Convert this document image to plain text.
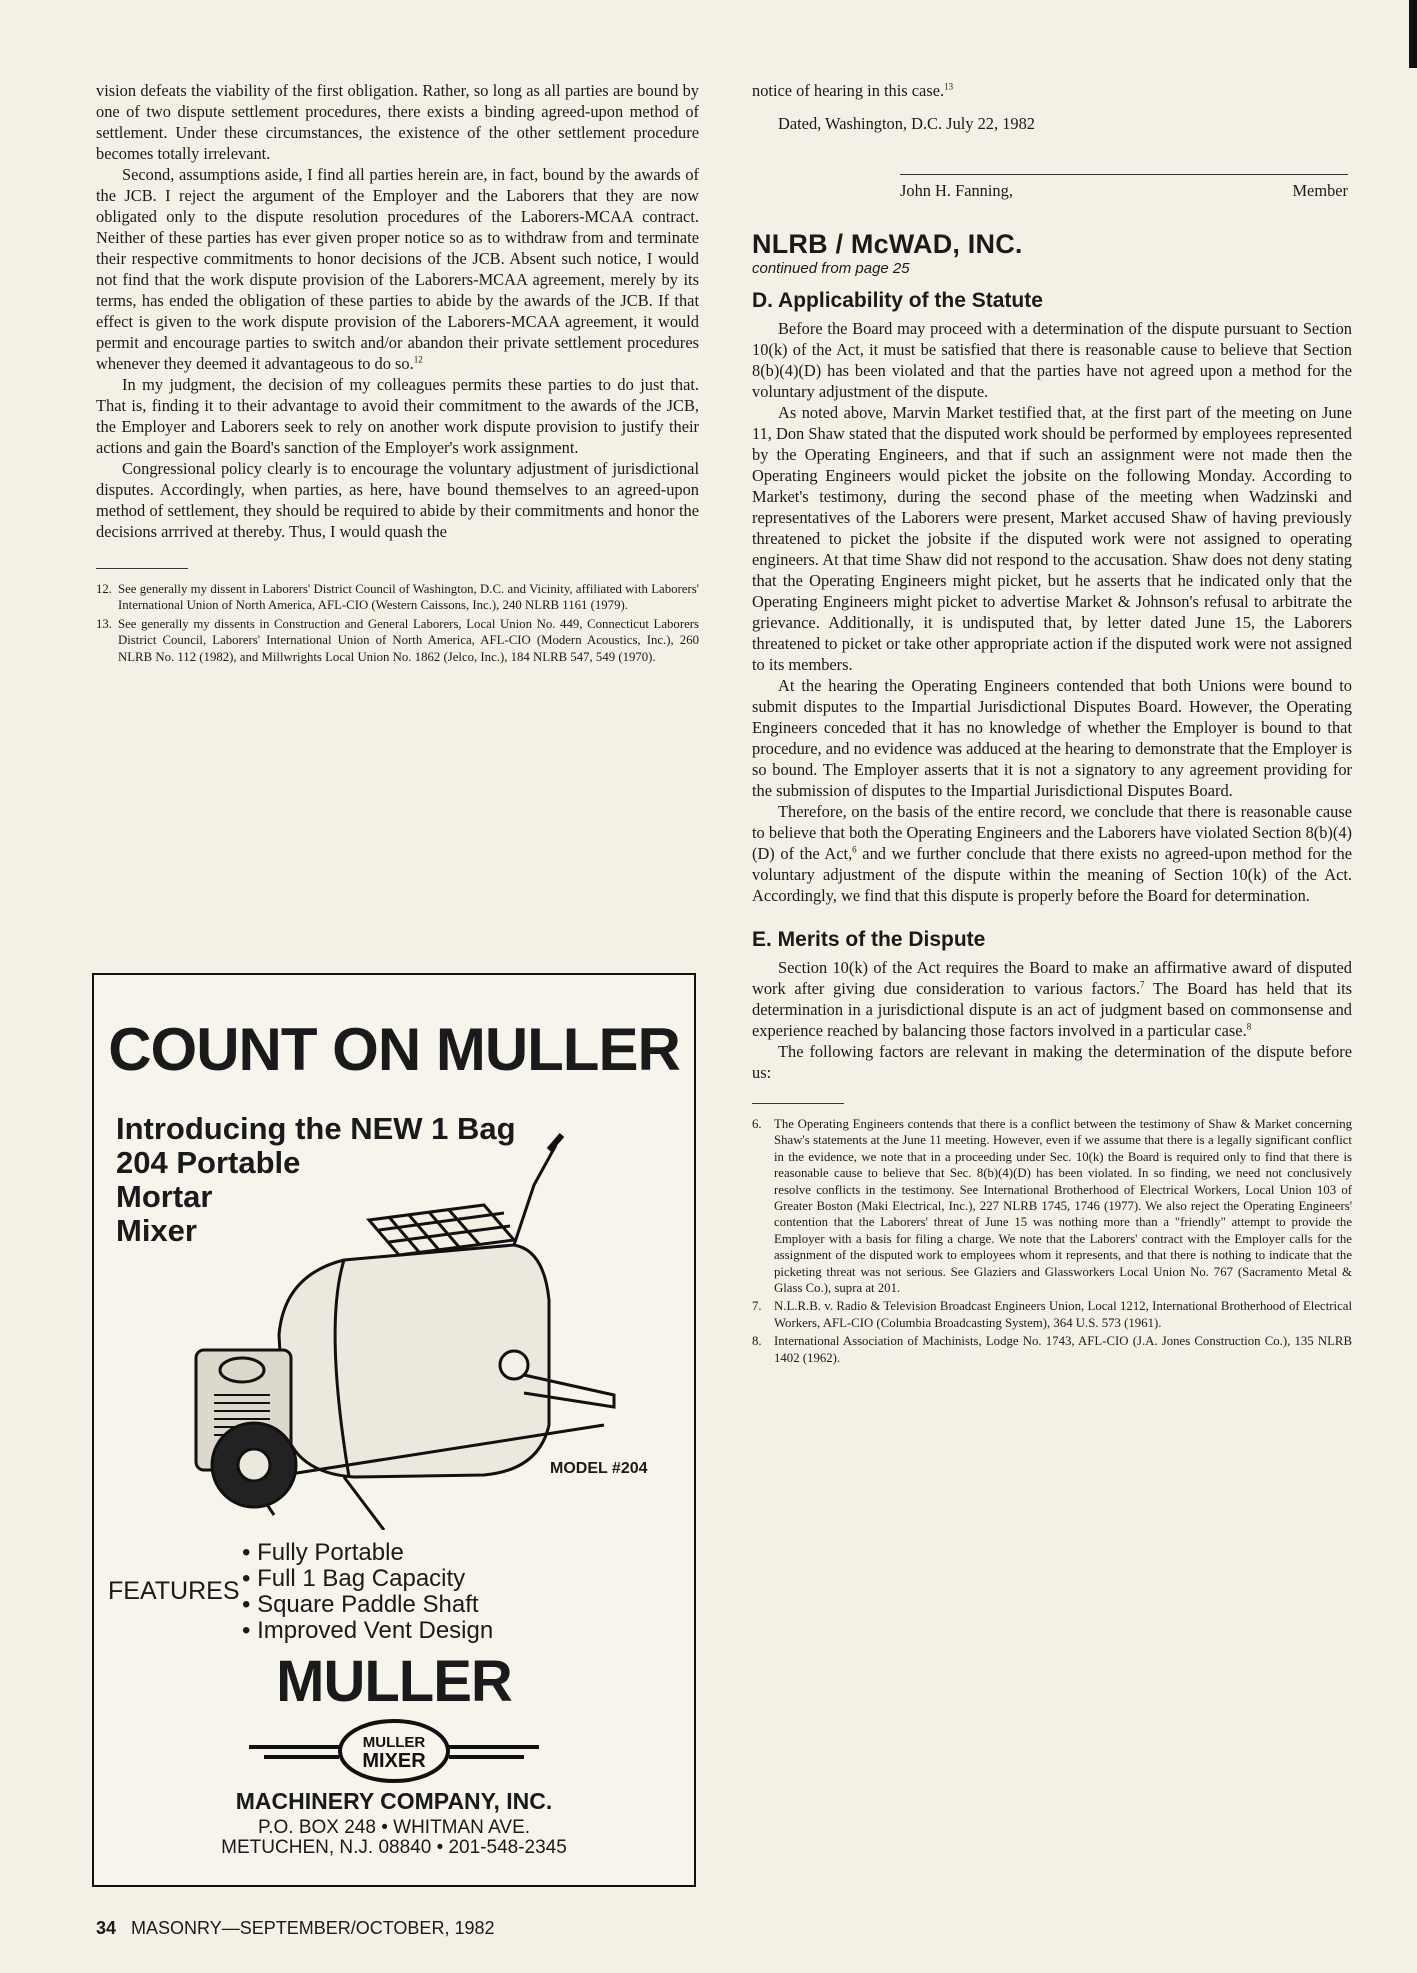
vision defeats the viability of the first obligation. Rather, so long as all parties are bound by one of two dispute settlement procedures, there exists a binding agreed-upon method of settlement. Under these circumstances, the existence of the other settlement procedure becomes totally irrelevant.

Second, assumptions aside, I find all parties herein are, in fact, bound by the awards of the JCB. I reject the argument of the Employer and the Laborers that they are now obligated only to the dispute resolution procedures of the Laborers-MCAA contract. Neither of these parties has ever given proper notice so as to withdraw from and terminate their respective commitments to honor decisions of the JCB. Absent such notice, I would not find that the work dispute provision of the Laborers-MCAA agreement, merely by its terms, has ended the obligation of these parties to abide by the awards of the JCB. If that effect is given to the work dispute provision of the Laborers-MCAA agreement, it would permit and encourage parties to switch and/or abandon their private settlement procedures whenever they deemed it advantageous to do so.$^{12}$

In my judgment, the decision of my colleagues permits these parties to do just that. That is, finding it to their advantage to avoid their commitment to the awards of the JCB, the Employer and Laborers seek to rely on another work dispute provision to justify their actions and gain the Board's sanction of the Employer's work assignment.

Congressional policy clearly is to encourage the voluntary adjustment of jurisdictional disputes. Accordingly, when parties, as here, have bound themselves to an agreed-upon method of settlement, they should be required to abide by their commitments and honor the decisions arrrived at thereby. Thus, I would quash the

12. See generally my dissent in Laborers' District Council of Washington, D.C. and Vicinity, affiliated with Laborers' International Union of North America, AFL-CIO (Western Caissons, Inc.), 240 NLRB 1161 (1979).

13. See generally my dissents in Construction and General Laborers, Local Union No. 449, Connecticut Laborers District Council, Laborers' International Union of North America, AFL-CIO (Modern Acoustics, Inc.), 260 NLRB No. 112 (1982), and Millwrights Local Union No. 1862 (Jelco, Inc.), 184 NLRB 547, 549 (1970).

COUNT ON MULLER
Introducing the NEW 1 Bag
204 Portable
Mortar
Mixer
MODEL #204
FEATURES
• Fully Portable
• Full 1 Bag Capacity
• Square Paddle Shaft
• Improved Vent Design
MULLER
MULLER
MIXER
MACHINERY COMPANY, INC.
P.O. BOX 248 • WHITMAN AVE.
METUCHEN, N.J. 08840 • 201-548-2345

notice of hearing in this case.$^{13}$

Dated, Washington, D.C. July 22, 1982

John H. Fanning,	Member
NLRB / McWAD, INC.

continued from page 25

D. Applicability of the Statute

Before the Board may proceed with a determination of the dispute pursuant to Section 10(k) of the Act, it must be satisfied that there is reasonable cause to believe that Section 8(b)(4)(D) has been violated and that the parties have not agreed upon a method for the voluntary adjustment of the dispute.

As noted above, Marvin Market testified that, at the first part of the meeting on June 11, Don Shaw stated that the disputed work should be performed by employees represented by the Operating Engineers, and that if such an assignment were not made then the Operating Engineers would picket the jobsite on the following Monday. According to Market's testimony, during the second phase of the meeting when Wadzinski and representatives of the Laborers were present, Market accused Shaw of having previously threatened to picket the jobsite if the disputed work were not assigned to operating engineers. At that time Shaw did not respond to the accusation. Shaw does not deny stating that the Operating Engineers might picket, but he asserts that he indicated only that the Operating Engineers might picket to advertise Market & Johnson's refusal to arbitrate the grievance. Additionally, it is undisputed that, by letter dated June 15, the Laborers threatened to picket or take other appropriate action if the disputed work were not assigned to its members.

At the hearing the Operating Engineers contended that both Unions were bound to submit disputes to the Impartial Jurisdictional Disputes Board. However, the Operating Engineers conceded that it has no knowledge of whether the Employer is bound to that procedure, and no evidence was adduced at the hearing to demonstrate that the Employer is so bound. The Employer asserts that it is not a signatory to any agreement providing for the submission of disputes to the Impartial Jurisdictional Disputes Board.

Therefore, on the basis of the entire record, we conclude that there is reasonable cause to believe that both the Operating Engineers and the Laborers have violated Section 8(b)(4)(D) of the Act,$^6$ and we further conclude that there exists no agreed-upon method for the voluntary adjustment of the dispute within the meaning of Section 10(k) of the Act. Accordingly, we find that this dispute is properly before the Board for determination.

E. Merits of the Dispute

Section 10(k) of the Act requires the Board to make an affirmative award of disputed work after giving due consideration to various factors.$^7$ The Board has held that its determination in a jurisdictional dispute is an act of judgment based on commonsense and experience reached by balancing those factors involved in a particular case.$^8$

The following factors are relevant in making the determination of the dispute before us:

6. The Operating Engineers contends that there is a conflict between the testimony of Shaw & Market concerning Shaw's statements at the June 11 meeting. However, even if we assume that there is a legally significant conflict in the evidence, we note that in a proceeding under Sec. 10(k) the Board is required only to find that there is reasonable cause to believe that Sec. 8(b)(4)(D) has been violated. In so finding, we need not conclusively resolve conflicts in the testimony. See International Brotherhood of Electrical Workers, Local Union 103 of Greater Boston (Maki Electrical, Inc.), 227 NLRB 1745, 1746 (1977). We also reject the Operating Engineers' contention that the Laborers' threat of June 15 was nothing more than a "friendly" attempt to provide the Employer with a basis for filing a charge. We note that the Laborers' contract with the Employer calls for the assignment of the disputed work to employees whom it represents, and that there is nothing to indicate that the picketing threat was not serious. See Glaziers and Glassworkers Local Union No. 767 (Sacramento Metal & Glass Co.), supra at 201.

7. N.L.R.B. v. Radio & Television Broadcast Engineers Union, Local 1212, International Brotherhood of Electrical Workers, AFL-CIO (Columbia Broadcasting System), 364 U.S. 573 (1961).

8. International Association of Machinists, Lodge No. 1743, AFL-CIO (J.A. Jones Construction Co.), 135 NLRB 1402 (1962).

34 MASONRY—SEPTEMBER/OCTOBER, 1982
